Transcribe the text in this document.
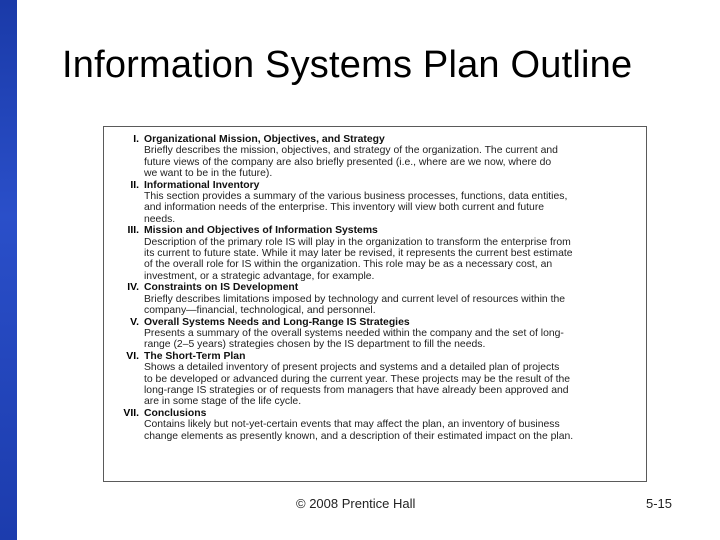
Information Systems Plan Outline
I. Organizational Mission, Objectives, and Strategy
Briefly describes the mission, objectives, and strategy of the organization. The current and
future views of the company are also briefly presented (i.e., where are we now, where do
we want to be in the future).
II. Informational Inventory
This section provides a summary of the various business processes, functions, data entities,
and information needs of the enterprise. This inventory will view both current and future
needs.
III. Mission and Objectives of Information Systems
Description of the primary role IS will play in the organization to transform the enterprise from
its current to future state. While it may later be revised, it represents the current best estimate
of the overall role for IS within the organization. This role may be as a necessary cost, an
investment, or a strategic advantage, for example.
IV. Constraints on IS Development
Briefly describes limitations imposed by technology and current level of resources within the
company—financial, technological, and personnel.
V. Overall Systems Needs and Long-Range IS Strategies
Presents a summary of the overall systems needed within the company and the set of long-
range (2–5 years) strategies chosen by the IS department to fill the needs.
VI. The Short-Term Plan
Shows a detailed inventory of present projects and systems and a detailed plan of projects
to be developed or advanced during the current year. These projects may be the result of the
long-range IS strategies or of requests from managers that have already been approved and
are in some stage of the life cycle.
VII. Conclusions
Contains likely but not-yet-certain events that may affect the plan, an inventory of business
change elements as presently known, and a description of their estimated impact on the plan.
© 2008 Prentice Hall	5-15
